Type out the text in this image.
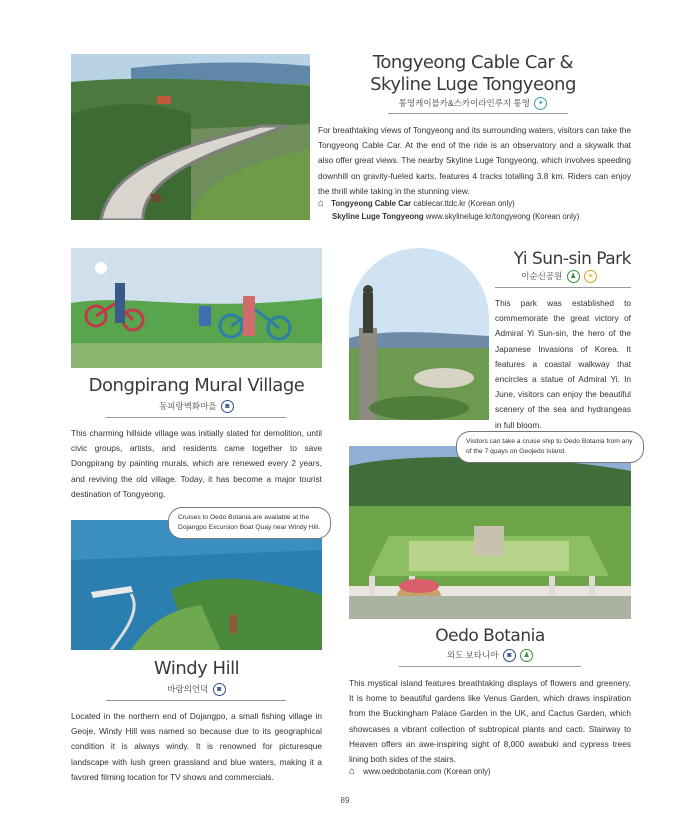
Tongyeong Cable Car &
Skyline Luge Tongyeong
통영케이블카&스카이라인루지 통영 ✦
For breathtaking views of Tongyeong and its surrounding waters, visitors can take the Tongyeong Cable Car. At the end of the ride is an observatory and a skywalk that also offer great views. The nearby Skyline Luge Tongyeong, which involves speeding downhill on gravity-fueled karts, features 4 tracks totalling 3.8 km. Riders can enjoy the thrill while taking in the stunning view.
⌂ Tongyeong Cable Car cablecar.ttdc.kr (Korean only)
Skyline Luge Tongyeong www.skylineluge.kr/tongyeong (Korean only)
Dongpirang Mural Village
동피랑벽화마을 ◙
This charming hillside village was initially slated for demolition, until civic groups, artists, and residents came together to save Dongpirang by painting murals, which are renewed every 2 years, and reviving the old village. Today, it has become a major tourist destination of Tongyeong.
Yi Sun-sin Park
이순신공원 ♟ ☀
This park was established to commemorate the great victory of Admiral Yi Sun-sin, the hero of the Japanese Invasions of Korea. It features a coastal walkway that encircles a statue of Admiral Yi. In June, visitors can enjoy the beautiful scenery of the sea and hydrangeas in full bloom.
Visitors can take a cruise ship to Oedo Botania from any of the 7 quays on Geojedo Island.
Oedo Botania
외도 보타니아 ◙ ♟
This mystical island features breathtaking displays of flowers and greenery. It is home to beautiful gardens like Venus Garden, which draws inspiration from the Buckingham Palace Garden in the UK, and Cactus Garden, which showcases a vibrant collection of subtropical plants and cacti. Stairway to Heaven offers an awe-inspiring sight of 8,000 awabuki and cypress trees lining both sides of the stairs.
⌂ www.oedobotania.com (Korean only)
Cruises to Oedo Botania are available at the Dojangpo Excursion Boat Quay near Windy Hill.
Windy Hill
바람의언덕 ◙
Located in the northern end of Dojangpo, a small fishing village in Geoje, Windy Hill was named so because due to its geographical condition it is always windy. It is renowned for picturesque landscape with lush green grassland and blue waters, making it a favored filming location for TV shows and commercials.
89
